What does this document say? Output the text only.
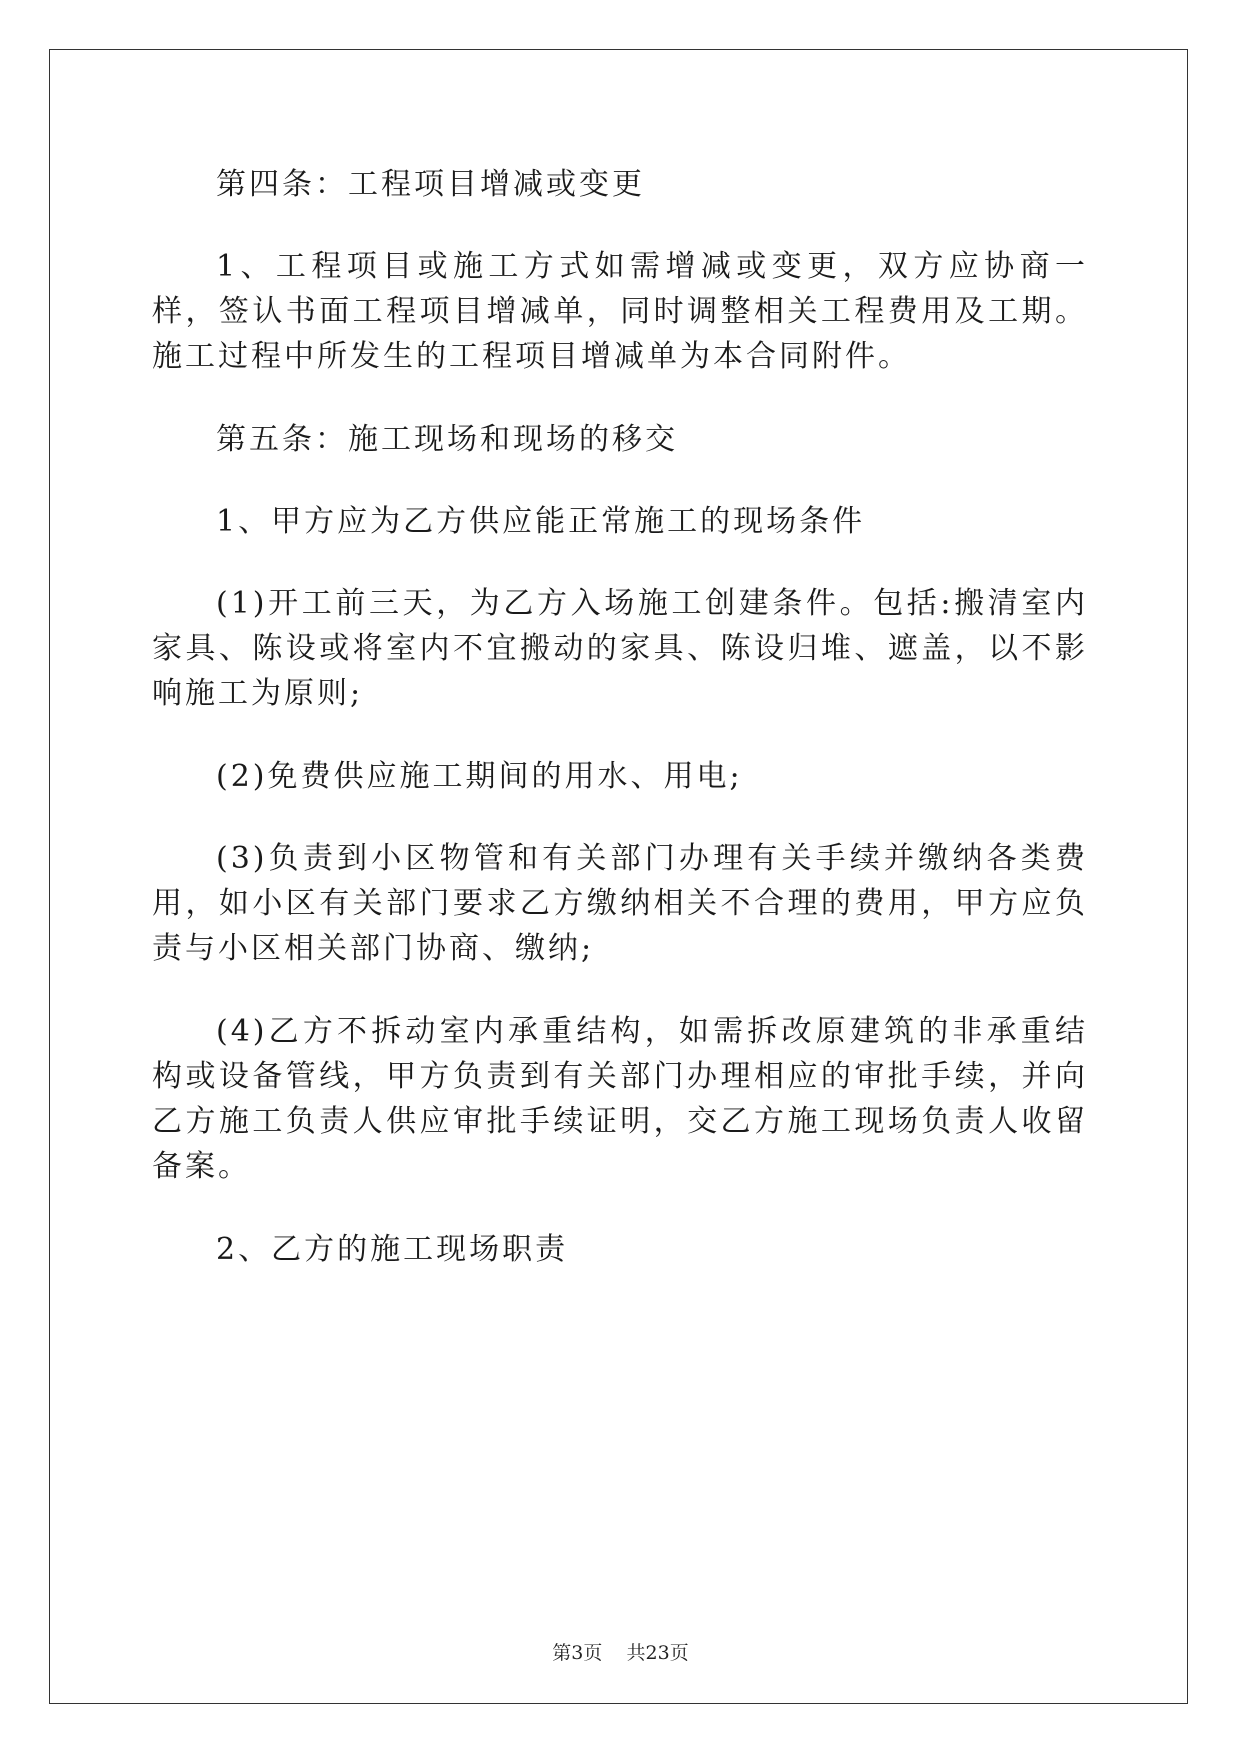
第四条：工程项目增减或变更

1、工程项目或施工方式如需增减或变更，双方应协商一样，签认书面工程项目增减单，同时调整相关工程费用及工期。施工过程中所发生的工程项目增减单为本合同附件。

第五条：施工现场和现场的移交

1、甲方应为乙方供应能正常施工的现场条件

(1)开工前三天，为乙方入场施工创建条件。包括:搬清室内家具、陈设或将室内不宜搬动的家具、陈设归堆、遮盖，以不影响施工为原则;

(2)免费供应施工期间的用水、用电;

(3)负责到小区物管和有关部门办理有关手续并缴纳各类费用，如小区有关部门要求乙方缴纳相关不合理的费用，甲方应负责与小区相关部门协商、缴纳;

(4)乙方不拆动室内承重结构，如需拆改原建筑的非承重结构或设备管线，甲方负责到有关部门办理相应的审批手续，并向乙方施工负责人供应审批手续证明，交乙方施工现场负责人收留备案。

2、乙方的施工现场职责

第3页    共23页
